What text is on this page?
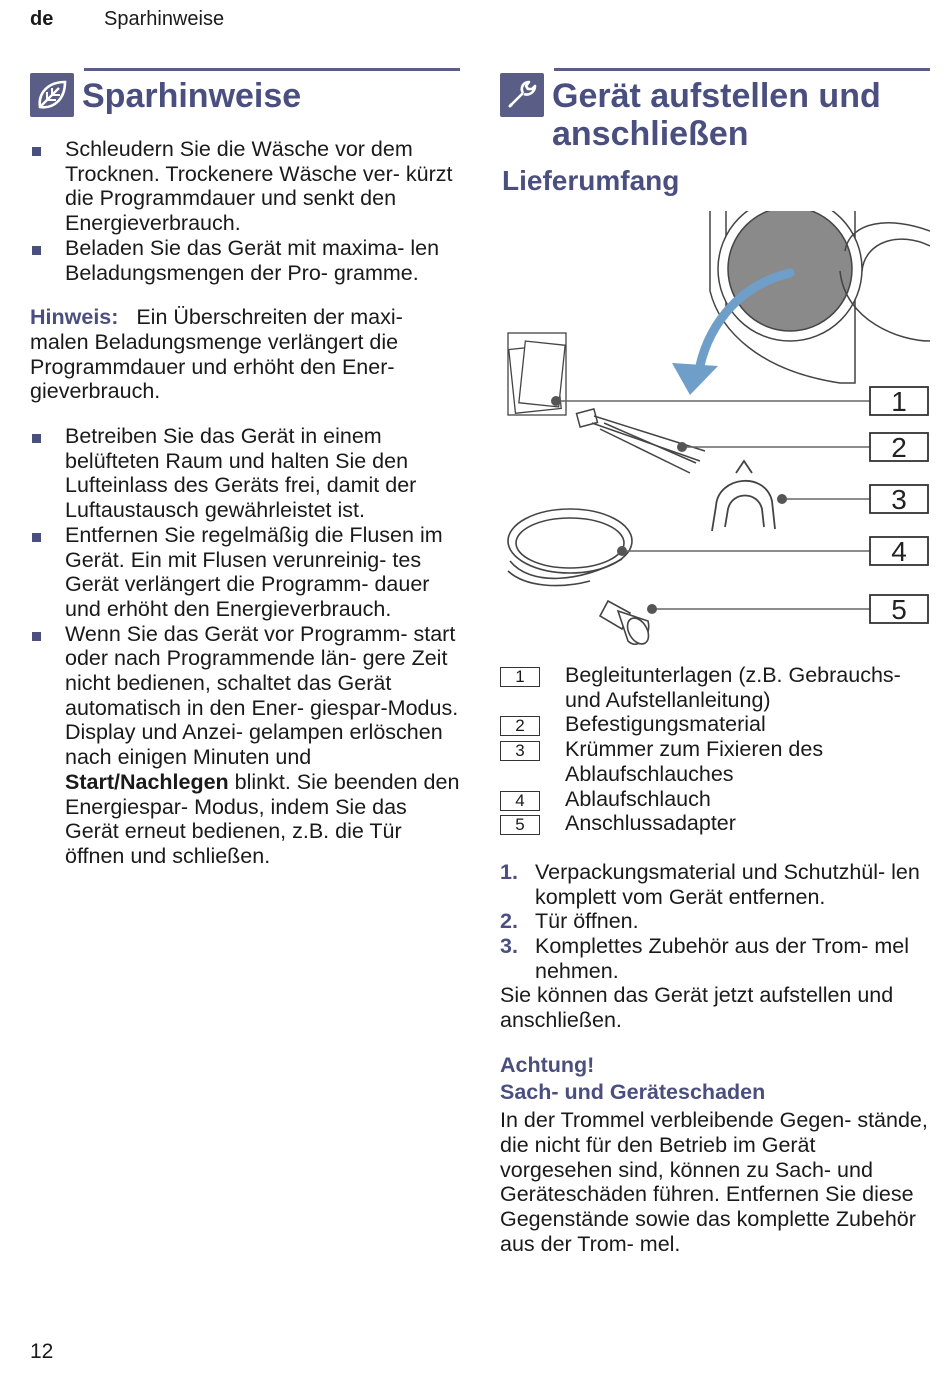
de	Sparhinweise
Sparhinweise
Schleudern Sie die Wäsche vor dem Trocknen. Trockenere Wäsche ver- kürzt die Programmdauer und senkt den Energieverbrauch.
Beladen Sie das Gerät mit maxima- len Beladungsmengen der Pro- gramme.
Hinweis: Ein Überschreiten der maxi- malen Beladungsmenge verlängert die Programmdauer und erhöht den Ener- gieverbrauch.
Betreiben Sie das Gerät in einem belüfteten Raum und halten Sie den Lufteinlass des Geräts frei, damit der Luftaustausch gewährleistet ist.
Entfernen Sie regelmäßig die Flusen im Gerät. Ein mit Flusen verunreinig- tes Gerät verlängert die Programm- dauer und erhöht den Energieverbrauch.
Wenn Sie das Gerät vor Programm- start oder nach Programmende län- gere Zeit nicht bedienen, schaltet das Gerät automatisch in den Ener- giespar-Modus. Display und Anzei- gelampen erlöschen nach einigen Minuten und Start/Nachlegen blinkt. Sie beenden den Energiespar- Modus, indem Sie das Gerät erneut bedienen, z.B. die Tür öffnen und schließen.
Gerät aufstellen und
anschließen
Lieferumfang
1
2
3
4
5
1	Begleitunterlagen (z.B. Gebrauchs- und Aufstellanleitung)
2	Befestigungsmaterial
3	Krümmer zum Fixieren des Ablaufschlauches
4	Ablaufschlauch
5	Anschlussadapter
1. Verpackungsmaterial und Schutzhül- len komplett vom Gerät entfernen.
2. Tür öffnen.
3. Komplettes Zubehör aus der Trom- mel nehmen.
Sie können das Gerät jetzt aufstellen und anschließen.
Achtung!
Sach- und Geräteschaden
In der Trommel verbleibende Gegen- stände, die nicht für den Betrieb im Gerät vorgesehen sind, können zu Sach- und Geräteschäden führen. Entfernen Sie diese Gegenstände sowie das komplette Zubehör aus der Trom- mel.
12
